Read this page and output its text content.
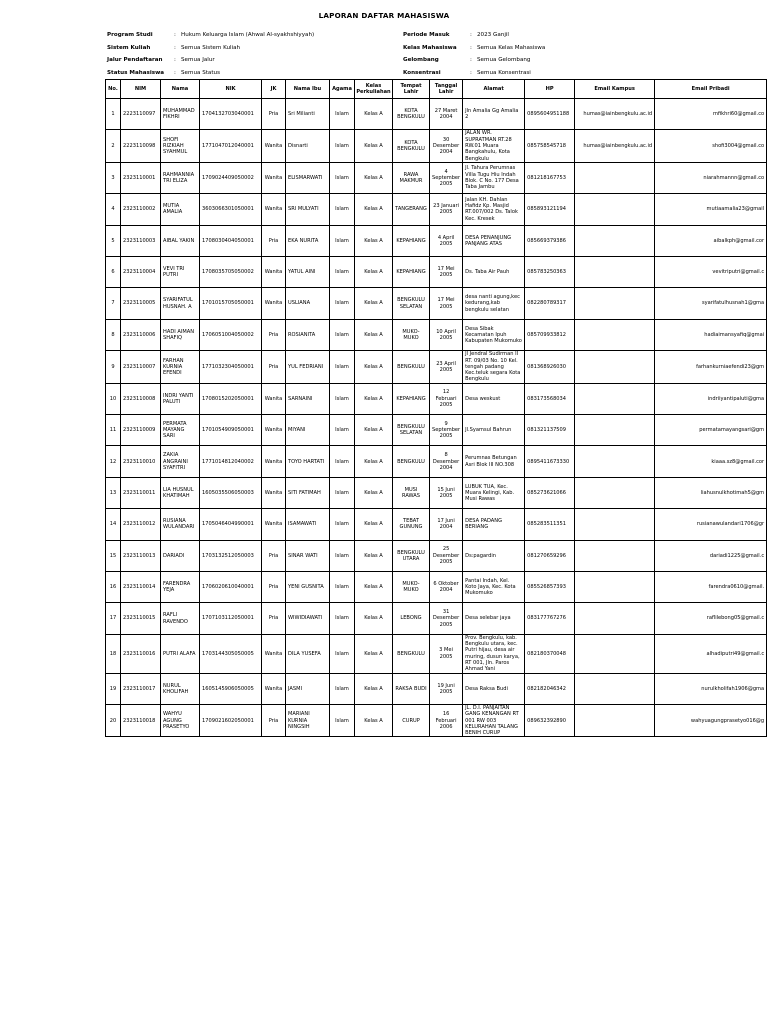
LAPORAN DAFTAR MAHASISWA
Program Studi	: Hukum Keluarga Islam (Ahwal Al-syakhshiyyah)
Sistem Kuliah	: Semua Sistem Kuliah
Jalur Pendaftaran	: Semua Jalur
Status Mahasiswa	: Semua Status
Periode Masuk	: 2023 Ganjil
Kelas Mahasiswa	: Semua Kelas Mahasiswa
Gelombang	: Semua Gelombang
Konsentrasi	: Semua Konsentrasi
No.	NIM	Nama	NIK	JK	Nama Ibu	Agama	Kelas Perkuliahan	Tempat Lahir	Tanggal Lahir	Alamat	HP	Email Kampus	Email Pribadi
1	2223110097	MUHAMMAD FIKHRI	1704132703040001	Pria	Sri Milianti	Islam	Kelas A	KOTA BENGKULU	27 Maret 2004	Jln Amalia Gg Amalia 2	0895604951188	humas@iainbengkulu.ac.id	mfikhri60@gmail.co
2	2223110098	SHOFI RIZKIAH SYAHMUL	1771047012040001	Wanita	Disnarti	Islam	Kelas A	KOTA BENGKULU	30 Desember 2004	JALAN WR. SUPRATMAN RT.28 RW.01 Muara Bangkahulu, Kota Bengkulu	085758545718	humas@iainbengkulu.ac.id	shofi3004@gmail.co
3	2323110001	RAHMANNIA TRI ELIZA	1709024409050002	Wanita	ELISMARWATI	Islam	Kelas A	RAWA MAKMUR	4 September 2005	Jl. Tahura Perumnas Villa Tugu Hiu Indah Blok. C No. 177 Desa Taba Jambu	081218167753		niarahmannn@gmail.co
4	2323110002	MUTIA AMALIA	3603066301050001	Wanita	SRI MULYATI	Islam	Kelas A	TANGERANG	23 Januari 2005	Jalan KH. Dahlan Hafidz Kp. Masjid RT.007/002 Ds. Talok Kec. Kresek	085893121194		mutiaamalia23@gmail
5	2323110003	AIBAL YAKIN	1708030404050001	Pria	EKA NURITA	Islam	Kelas A	KEPAHIANG	4 April 2005	DESA PENANJUNG PANJANG ATAS	085669379386		aibalkph@gmail.cor
6	2323110004	VEVI TRI PUTRI	1708035705050002	Wanita	YATUL AINI	Islam	Kelas A	KEPAHIANG	17 Mei 2005	Ds. Taba Air Pauh	085783250363		vevitriputri@gmail.c
7	2323110005	SYARIFATUL HUSNAH. A	1701015705050001	Wanita	USLIANA	Islam	Kelas A	BENGKULU SELATAN	17 Mei 2005	desa nanti agung,kec kedurang,kab bengkulu selatan	082280789317		syarifatulhusnah1@gma
8	2323110006	HADI AIMAN SHAFIQ	1706051004050002	Pria	ROSIANITA	Islam	Kelas A	MUKO-MUKO	10 April 2005	Desa Sibak Kecamatan Ipuh Kabupaten Mukomuko	085709933812		hadiaimansyafiq@gmai
9	2323110007	FARHAN KURNIA EFENDI	1771032304050001	Pria	YUL FEDRIANI	Islam	Kelas A	BENGKULU	23 April 2005	Jl Jendral Sudirman II RT. 09/03 No. 10 Kel. tengah padang Kec.teluk segara Kota Bengkulu	081368926030		farhankurniaefendi23@gm
10	2323110008	INDRI YANTI PALUTI	1708015202050001	Wanita	SARNAINI	Islam	Kelas A	KEPAHIANG	12 Februari 2005	Desa weskust	083173568034		indriiyantipaluti@gma
11	2323110009	PERMATA MAYANG SARI	1701054909050001	Wanita	MIYANI	Islam	Kelas A	BENGKULU SELATAN	9 September 2005	Jl.Syamsul Bahrun	081321137509		permatamayangsari@gm
12	2323110010	ZAKIA ANGRAINI SYAFITRI	1771014812040002	Wanita	TOYO HARTATI	Islam	Kelas A	BENGKULU	8 Desember 2004	Perumnas Betungan Asri Blok III NO.308	0895411673330		kiaaa.sz8@gmail.cor
13	2323110011	LIA HUSNUL KHATIMAH	1605035506050003	Wanita	SITI FATIMAH	Islam	Kelas A	MUSI RAWAS	15 Juni 2005	LUBUK TUA, Kec. Muara Kelingi, Kab. Musi Rawas	085273621066		liahusnulkhotimah5@gm
14	2323110012	RUSIANA WULANDARI	1705046404990001	Wanita	ISAMAWATI	Islam	Kelas A	TEBAT GUNUNG	17 Juni 2004	DESA PADANG BERIANG	085283511351		rusianawulandari1706@gr
15	2323110013	DARIADI	1703132512050003	Pria	SINAR WATI	Islam	Kelas A	BENGKULU UTARA	25 Desember 2005	Ds:pagardin	081270659296		dariadi1225@gmail.c
16	2323110014	FARENDRA YEJA	1706020610040001	Pria	YENI GUSNITA	Islam	Kelas A	MUKO-MUKO	6 Oktober 2004	Pantai Indah, Kel. Koto Jaya, Kec. Kota Mukomuko	085526857393		farendra0610@gmail.
17	2323110015	RAFLI RAVENDO	1707103112050001	Pria	WIWIDIAWATI	Islam	Kelas A	LEBONG	31 Desember 2005	Desa selebar jaya	083177767276		raflilebong05@gmail.c
18	2323110016	PUTRI ALAFA	1703144305050005	Wanita	DILA YUSEFA	Islam	Kelas A	BENGKULU	3 Mei 2005	Prov. Bengkulu, kab. Bengkulu utara, kec. Putri hijau, desa air muring, dusun karya, RT 001, Jln. Paros Ahmad Yani	082180370048		alhadiputri49@gmail.c
19	2323110017	NURUL KHOLIFAH	1605145906050005	Wanita	JASMI	Islam	Kelas A	RAKSA BUDI	19 Juni 2005	Desa Raksa Budi	082182046342		nurulkholifah1906@gma
20	2323110018	WAHYU AGUNG PRASETYO	1709021602050001	Pria	MARIANI KURNIA NINGSIH	Islam	Kelas A	CURUP	16 Februari 2006	JL. D.I. PANJAITAN GANG KENANGAN RT 001 RW 003 KELURAHAN TALANG BENIH CURUP	089632392890		wahyuagungprasetyo016@g
